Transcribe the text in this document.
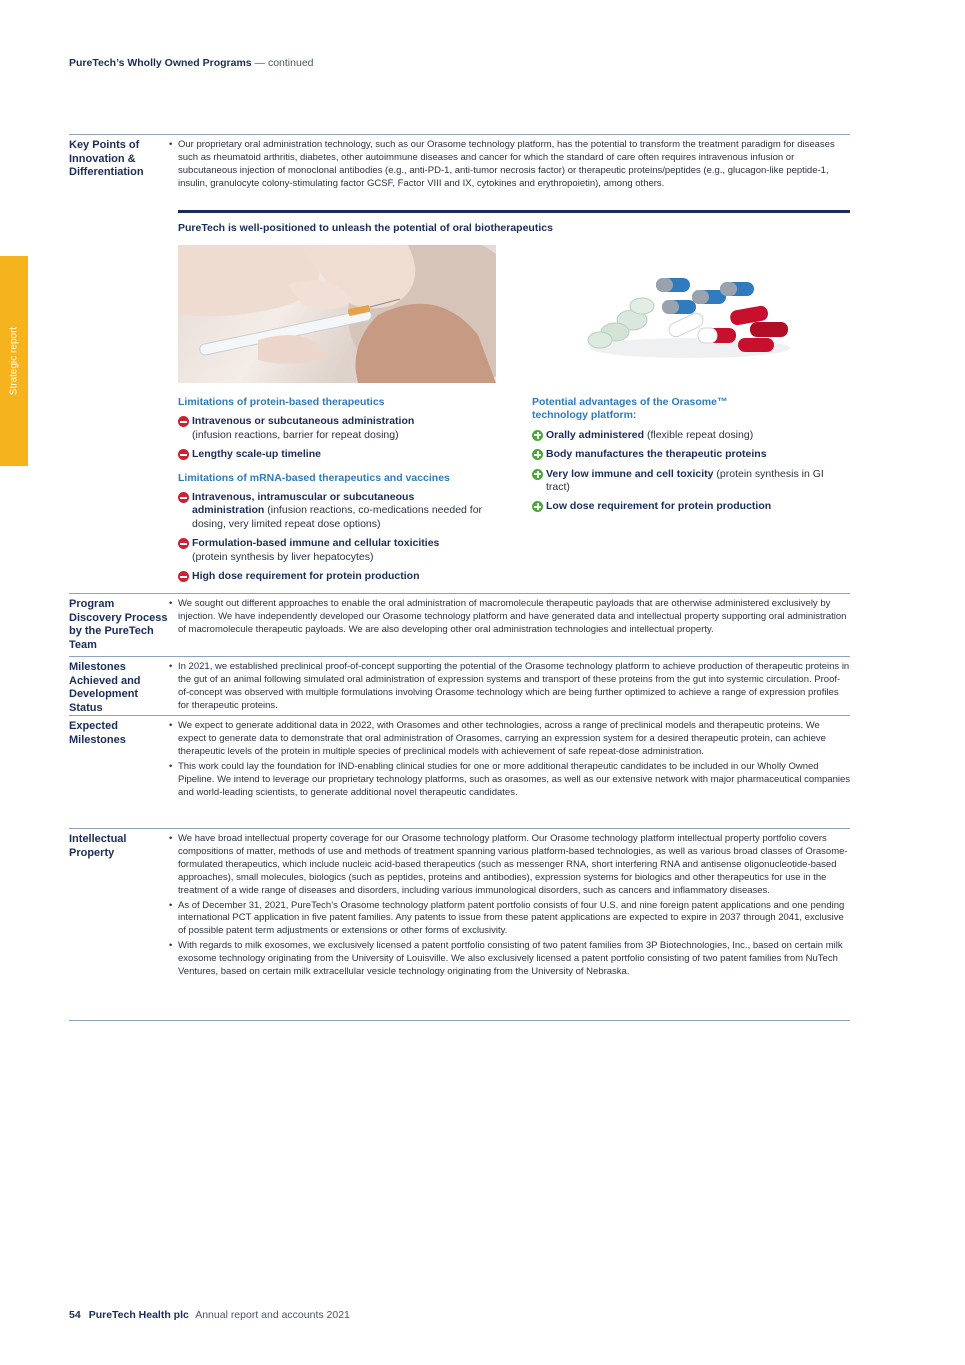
PureTech’s Wholly Owned Programs — continued
Strategic report
Key Points of Innovation & Differentiation
• Our proprietary oral administration technology, such as our Orasome technology platform, has the potential to transform the treatment paradigm for diseases such as rheumatoid arthritis, diabetes, other autoimmune diseases and cancer for which the standard of care often requires intravenous infusion or subcutaneous injection of monoclonal antibodies (e.g., anti-PD-1, anti-tumor necrosis factor) or therapeutic proteins/peptides (e.g., glucagon-like peptide-1, insulin, granulocyte colony-stimulating factor GCSF, Factor VIII and IX, cytokines and erythropoietin), among others.
PureTech is well-positioned to unleash the potential of oral biotherapeutics
Limitations of protein-based therapeutics
Intravenous or subcutaneous administration
(infusion reactions, barrier for repeat dosing)
Lengthy scale-up timeline
Limitations of mRNA-based therapeutics and vaccines
Intravenous, intramuscular or subcutaneous administration (infusion reactions, co-medications needed for dosing, very limited repeat dose options)
Formulation-based immune and cellular toxicities
(protein synthesis by liver hepatocytes)
High dose requirement for protein production
Potential advantages of the Orasome™ technology platform:
Orally administered (flexible repeat dosing)
Body manufactures the therapeutic proteins
Very low immune and cell toxicity (protein synthesis in GI tract)
Low dose requirement for protein production
Program Discovery Process by the PureTech Team
• We sought out different approaches to enable the oral administration of macromolecule therapeutic payloads that are otherwise administered exclusively by injection. We have independently developed our Orasome technology platform and have generated data and intellectual property supporting oral administration of macromolecule therapeutic payloads. We are also developing other oral administration technologies and intellectual property.
Milestones Achieved and Development Status
• In 2021, we established preclinical proof-of-concept supporting the potential of the Orasome technology platform to achieve production of therapeutic proteins in the gut of an animal following simulated oral administration of expression systems and transport of these proteins from the gut into systemic circulation. Proof-of-concept was observed with multiple formulations involving Orasome technology which are being further optimized to achieve a range of expression profiles for therapeutic proteins.
Expected Milestones
• We expect to generate additional data in 2022, with Orasomes and other technologies, across a range of preclinical models and therapeutic proteins. We expect to generate data to demonstrate that oral administration of Orasomes, carrying an expression system for a desired therapeutic protein, can achieve therapeutic levels of the protein in multiple species of preclinical models with achievement of safe repeat-dose administration.
• This work could lay the foundation for IND-enabling clinical studies for one or more additional therapeutic candidates to be included in our Wholly Owned Pipeline. We intend to leverage our proprietary technology platforms, such as orasomes, as well as our extensive network with major pharmaceutical companies and world-leading scientists, to generate additional novel therapeutic candidates.
Intellectual Property
• We have broad intellectual property coverage for our Orasome technology platform. Our Orasome technology platform intellectual property portfolio covers compositions of matter, methods of use and methods of treatment spanning various platform-based technologies, as well as various broad classes of Orasome-formulated therapeutics, which include nucleic acid-based therapeutics (such as messenger RNA, short interfering RNA and antisense oligonucleotide-based approaches), small molecules, biologics (such as peptides, proteins and antibodies), expression systems for biologics and other therapeutics for use in the treatment of a wide range of diseases and disorders, including various immunological disorders, such as cancers and inflammatory diseases.
• As of December 31, 2021, PureTech’s Orasome technology platform patent portfolio consists of four U.S. and nine foreign patent applications and one pending international PCT application in five patent families. Any patents to issue from these patent applications are expected to expire in 2037 through 2041, exclusive of possible patent term adjustments or extensions or other forms of exclusivity.
• With regards to milk exosomes, we exclusively licensed a patent portfolio consisting of two patent families from 3P Biotechnologies, Inc., based on certain milk exosome technology originating from the University of Louisville. We also exclusively licensed a patent portfolio consisting of two patent families from NuTech Ventures, based on certain milk extracellular vesicle technology originating from the University of Nebraska.
54 PureTech Health plc Annual report and accounts 2021
